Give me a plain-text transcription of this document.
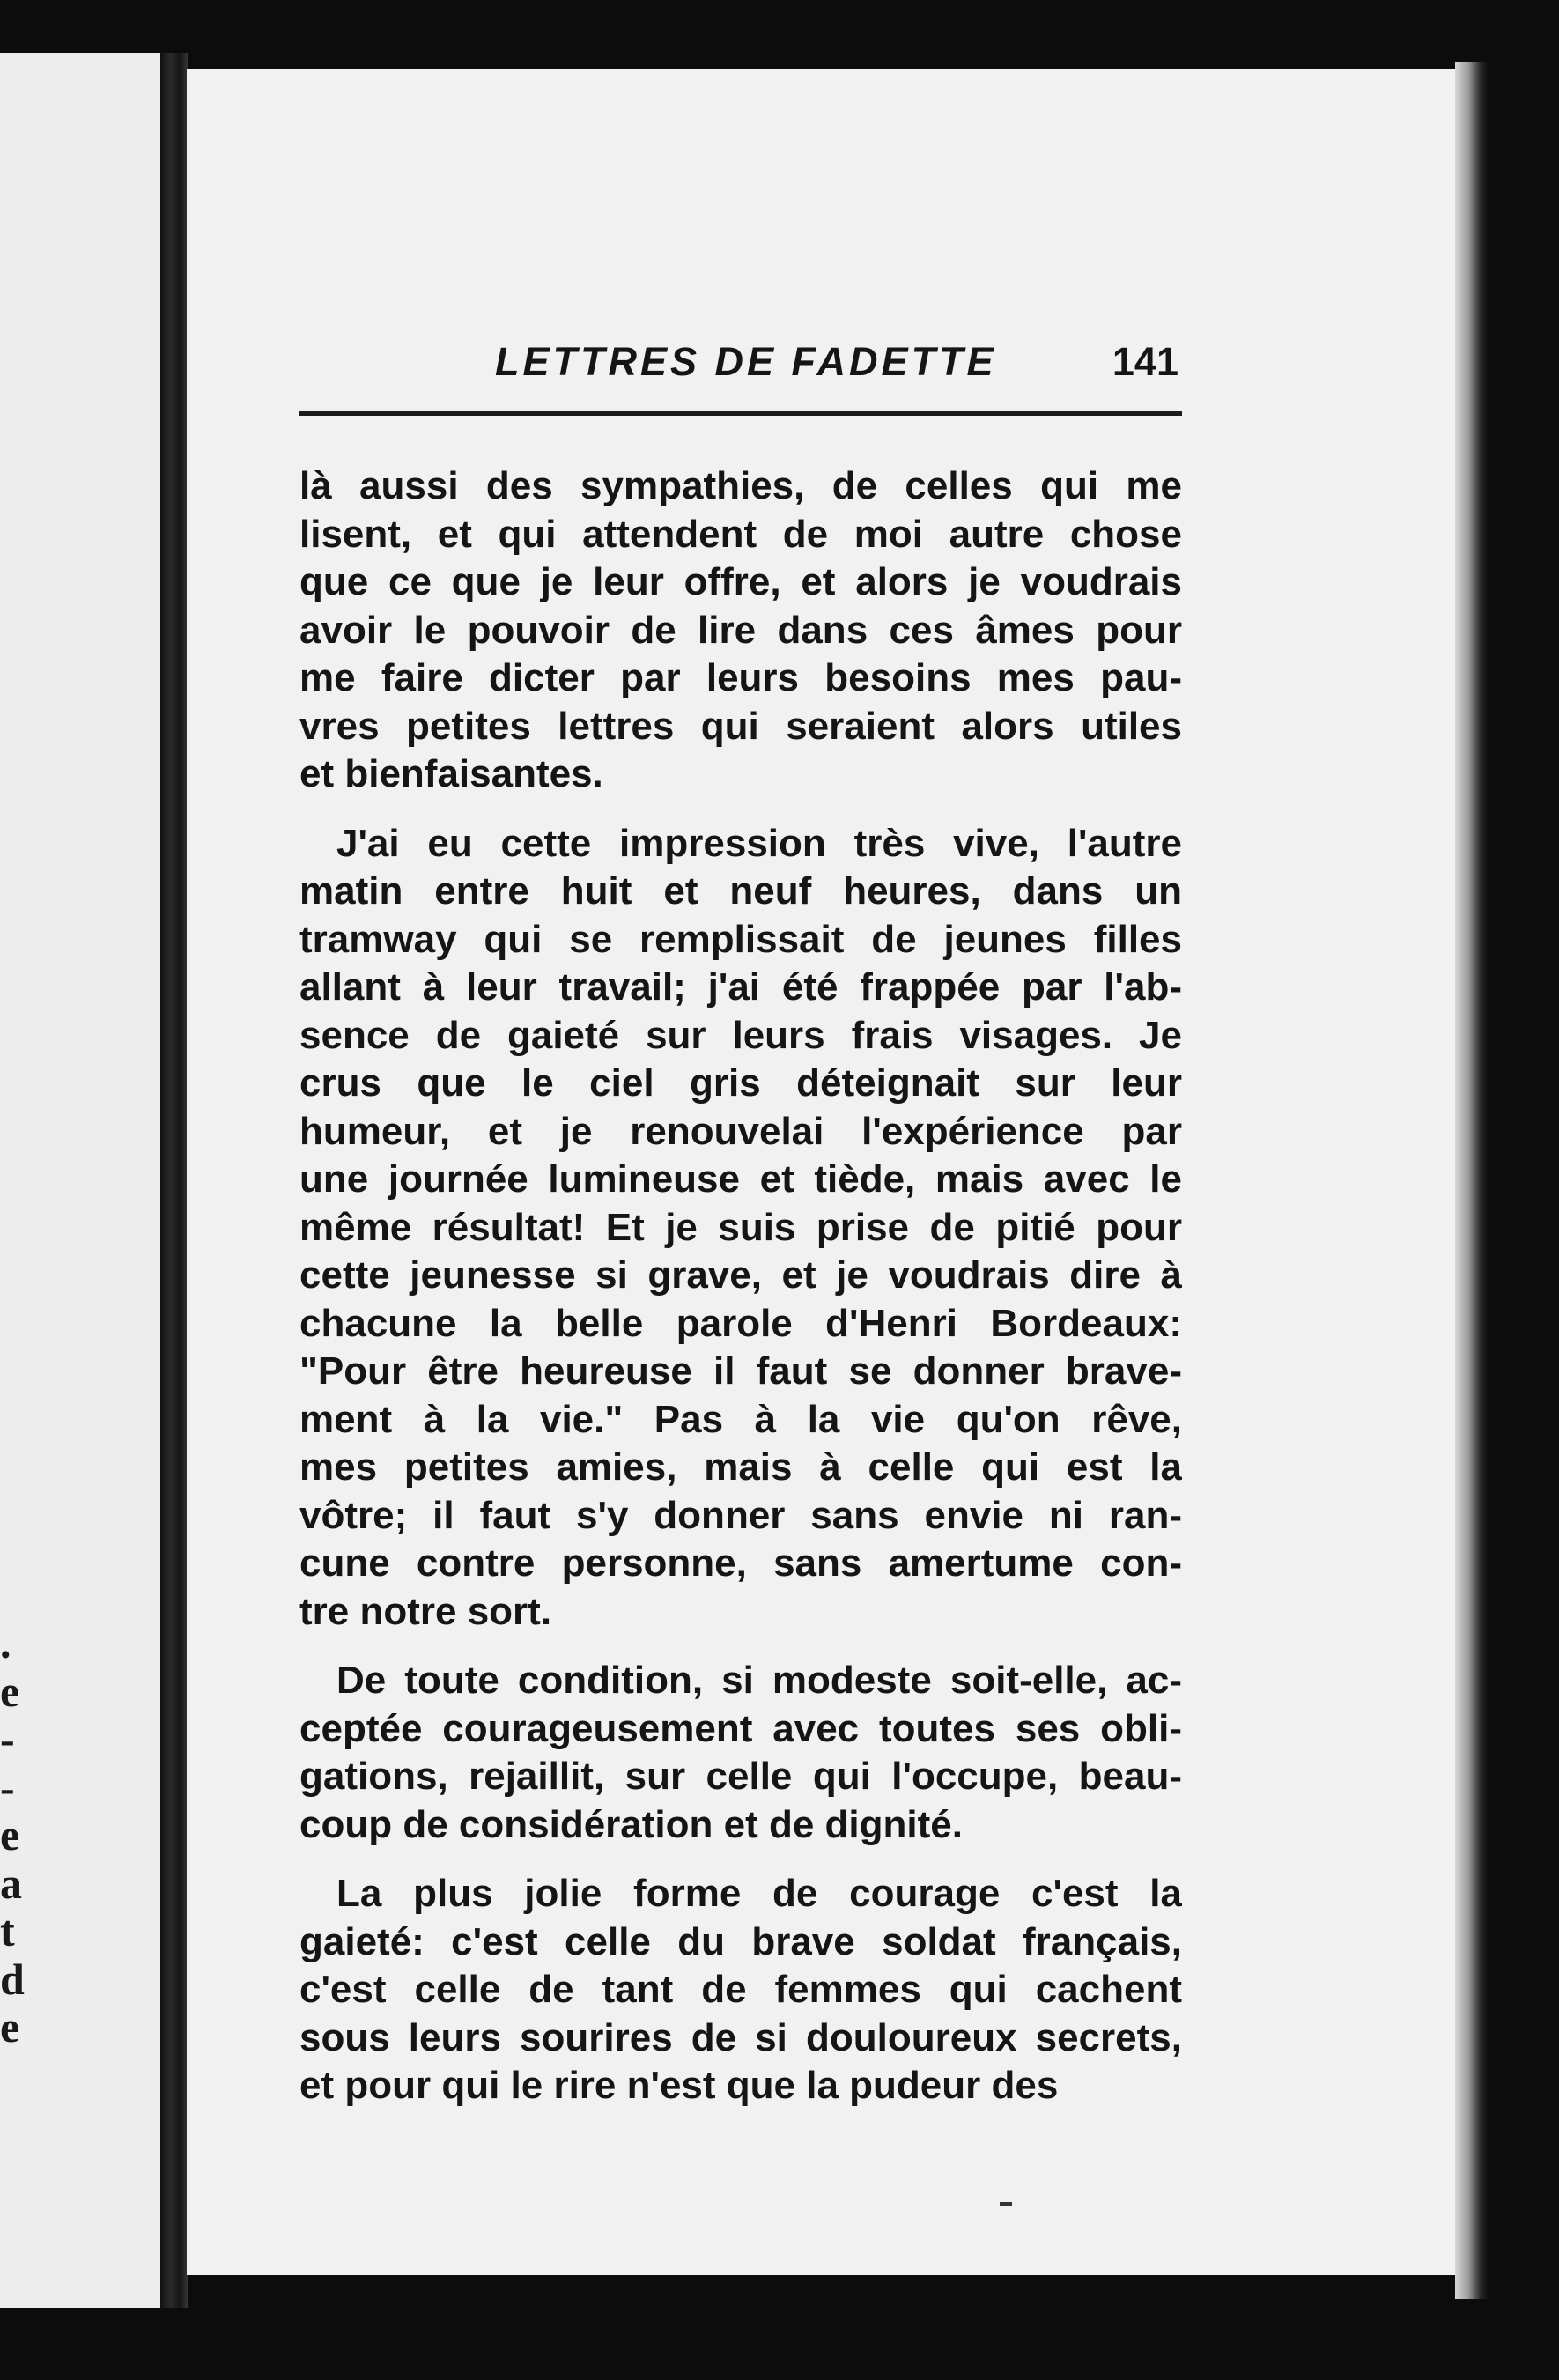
.
e
-
-
e
a
t
d
e
LETTRES DE FADETTE	141
là aussi des sympathies, de celles qui me
lisent, et qui attendent de moi autre chose
que ce que je leur offre, et alors je voudrais
avoir le pouvoir de lire dans ces âmes pour
me faire dicter par leurs besoins mes pau-
vres petites lettres qui seraient alors utiles
et bienfaisantes.
J'ai eu cette impression très vive, l'autre
matin entre huit et neuf heures, dans un
tramway qui se remplissait de jeunes filles
allant à leur travail; j'ai été frappée par l'ab-
sence de gaieté sur leurs frais visages. Je
crus que le ciel gris déteignait sur leur
humeur, et je renouvelai l'expérience par
une journée lumineuse et tiède, mais avec le
même résultat! Et je suis prise de pitié pour
cette jeunesse si grave, et je voudrais dire à
chacune la belle parole d'Henri Bordeaux:
"Pour être heureuse il faut se donner brave-
ment à la vie." Pas à la vie qu'on rêve,
mes petites amies, mais à celle qui est la
vôtre; il faut s'y donner sans envie ni ran-
cune contre personne, sans amertume con-
tre notre sort.
De toute condition, si modeste soit-elle, ac-
ceptée courageusement avec toutes ses obli-
gations, rejaillit, sur celle qui l'occupe, beau-
coup de considération et de dignité.
La plus jolie forme de courage c'est la
gaieté: c'est celle du brave soldat français,
c'est celle de tant de femmes qui cachent
sous leurs sourires de si douloureux secrets,
et pour qui le rire n'est que la pudeur des
